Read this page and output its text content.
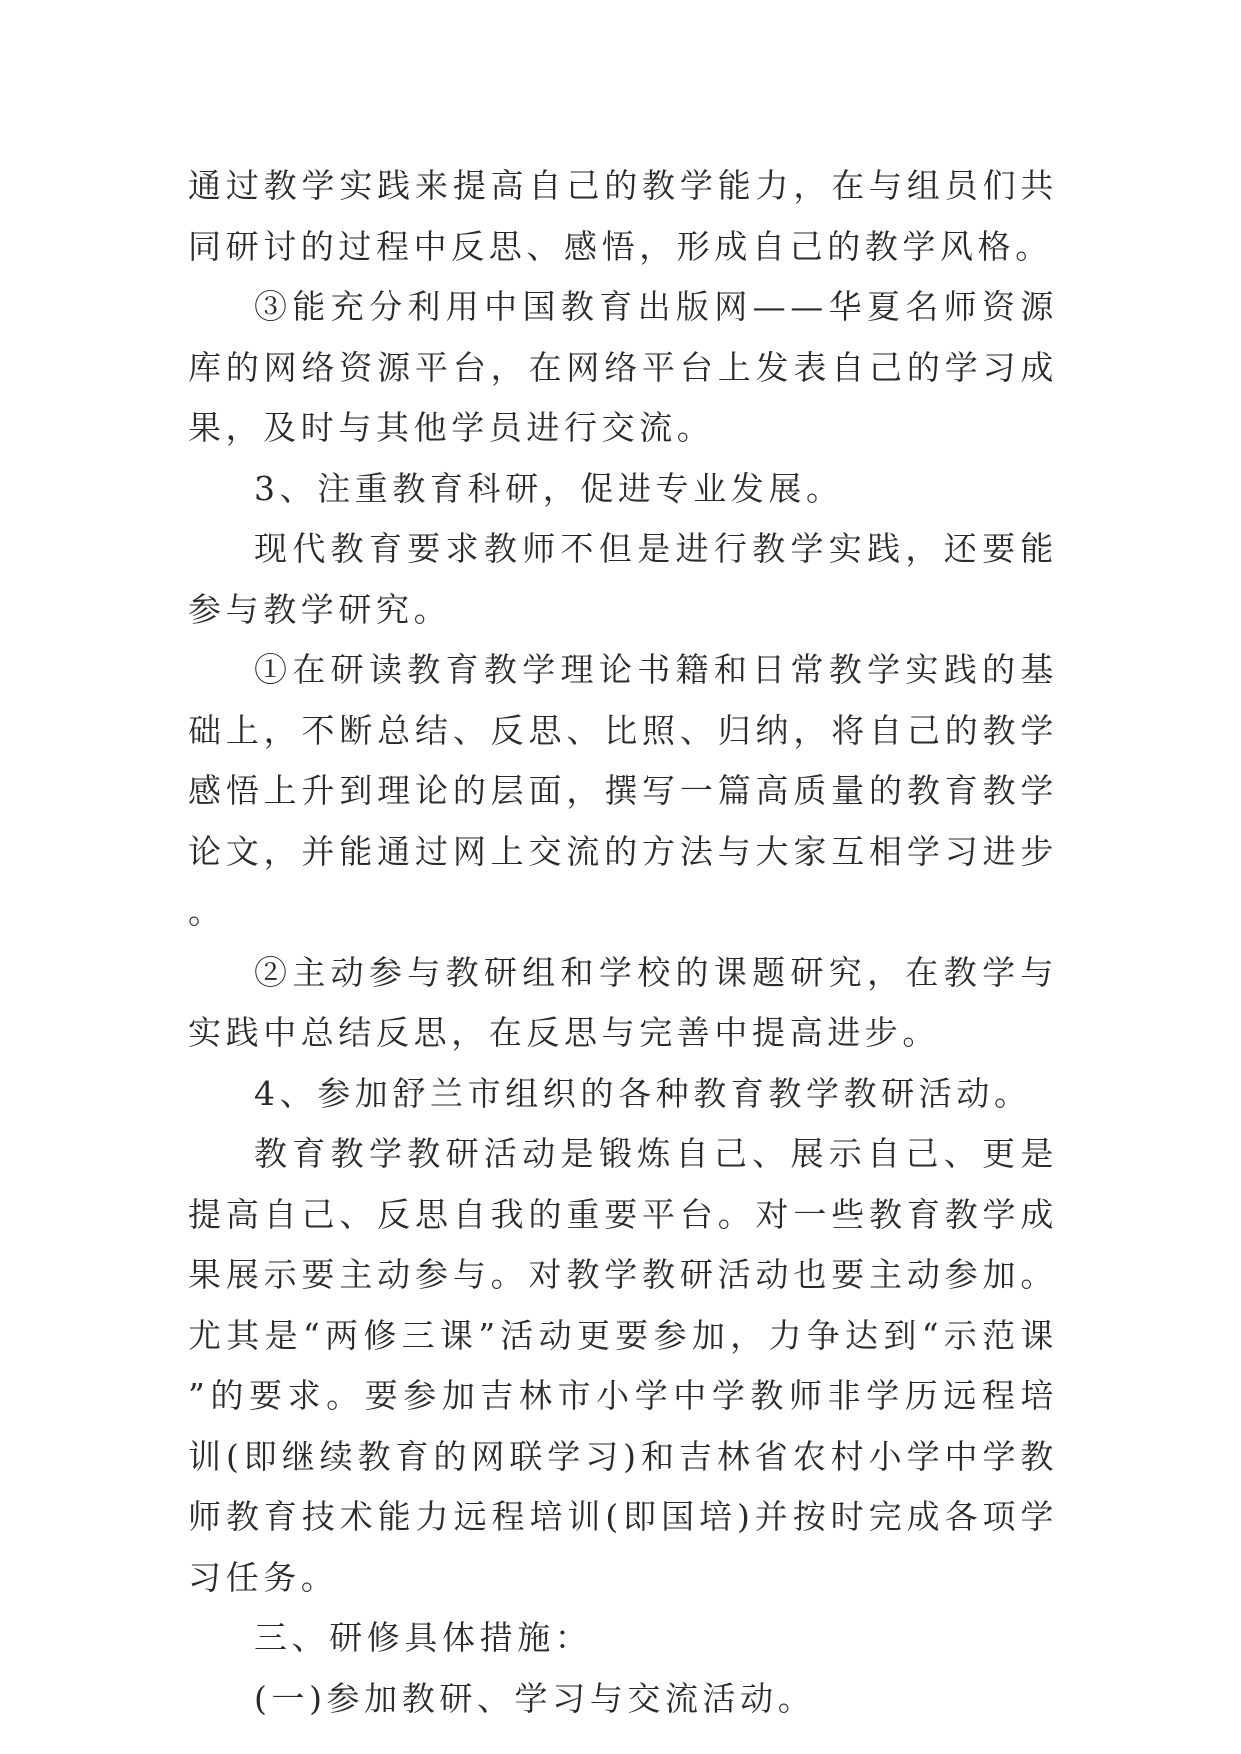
通过教学实践来提高自己的教学能力，在与组员们共同研讨的过程中反思、感悟，形成自己的教学风格。

③能充分利用中国教育出版网——华夏名师资源库的网络资源平台，在网络平台上发表自己的学习成果，及时与其他学员进行交流。

3、注重教育科研，促进专业发展。

现代教育要求教师不但是进行教学实践，还要能参与教学研究。

①在研读教育教学理论书籍和日常教学实践的基础上，不断总结、反思、比照、归纳，将自己的教学感悟上升到理论的层面，撰写一篇高质量的教育教学论文，并能通过网上交流的方法与大家互相学习进步。

②主动参与教研组和学校的课题研究，在教学与实践中总结反思，在反思与完善中提高进步。

4、参加舒兰市组织的各种教育教学教研活动。

教育教学教研活动是锻炼自己、展示自己、更是提高自己、反思自我的重要平台。对一些教育教学成果展示要主动参与。对教学教研活动也要主动参加。尤其是“两修三课”活动更要参加，力争达到“示范课”的要求。要参加吉林市小学中学教师非学历远程培训(即继续教育的网联学习)和吉林省农村小学中学教师教育技术能力远程培训(即国培)并按时完成各项学习任务。

三、研修具体措施：

(一)参加教研、学习与交流活动。
